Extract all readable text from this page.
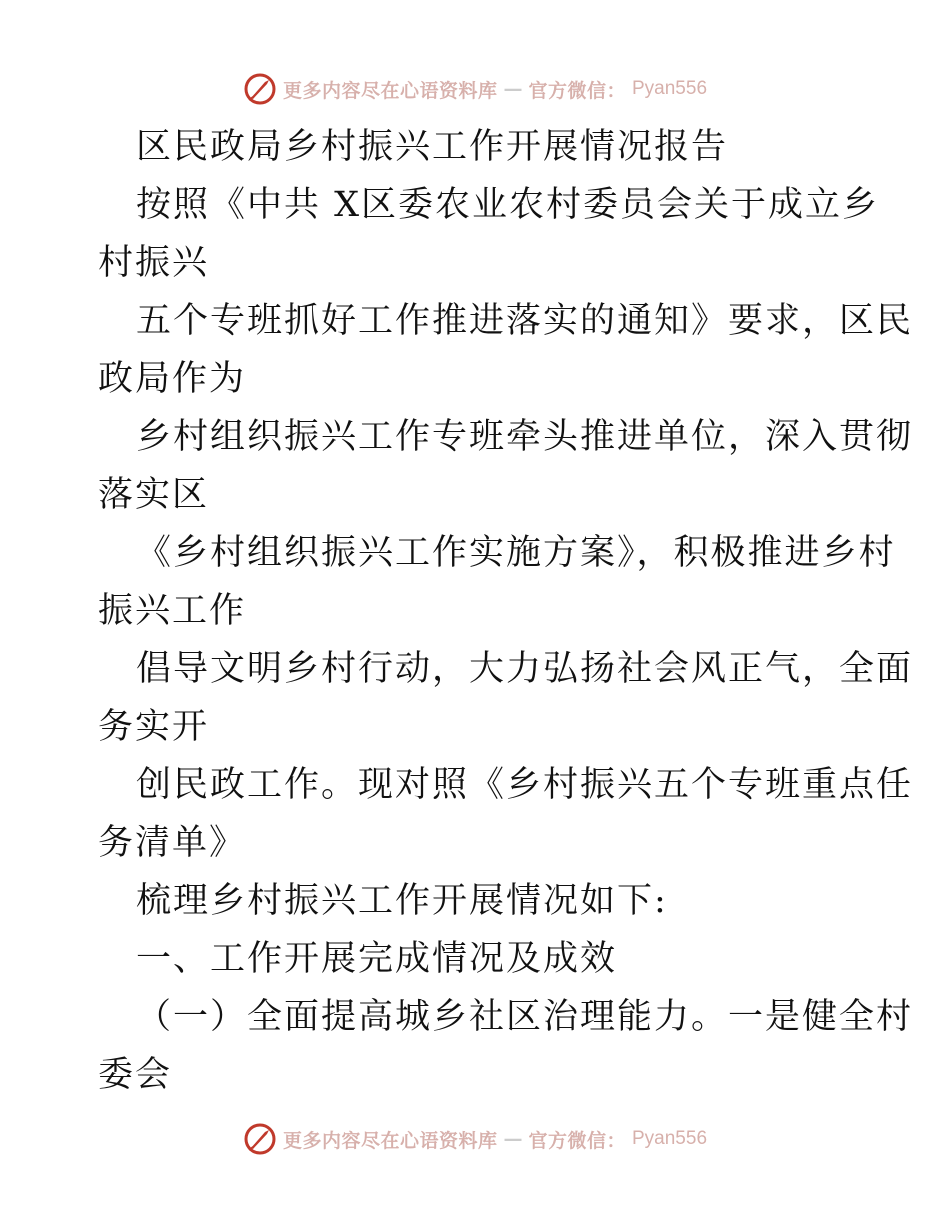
更多内容尽在心语资料库 — 官方微信： Pyan556
区民政局乡村振兴工作开展情况报告
按照《中共 X区委农业农村委员会关于成立乡
村振兴
五个专班抓好工作推进落实的通知》要求，区民
政局作为
乡村组织振兴工作专班牵头推进单位，深入贯彻
落实区
《乡村组织振兴工作实施方案》，积极推进乡村
振兴工作
倡导文明乡村行动，大力弘扬社会风正气，全面
务实开
创民政工作。现对照《乡村振兴五个专班重点任
务清单》
梳理乡村振兴工作开展情况如下:
一、工作开展完成情况及成效
（一）全面提高城乡社区治理能力。一是健全村
委会
更多内容尽在心语资料库 — 官方微信： Pyan556
